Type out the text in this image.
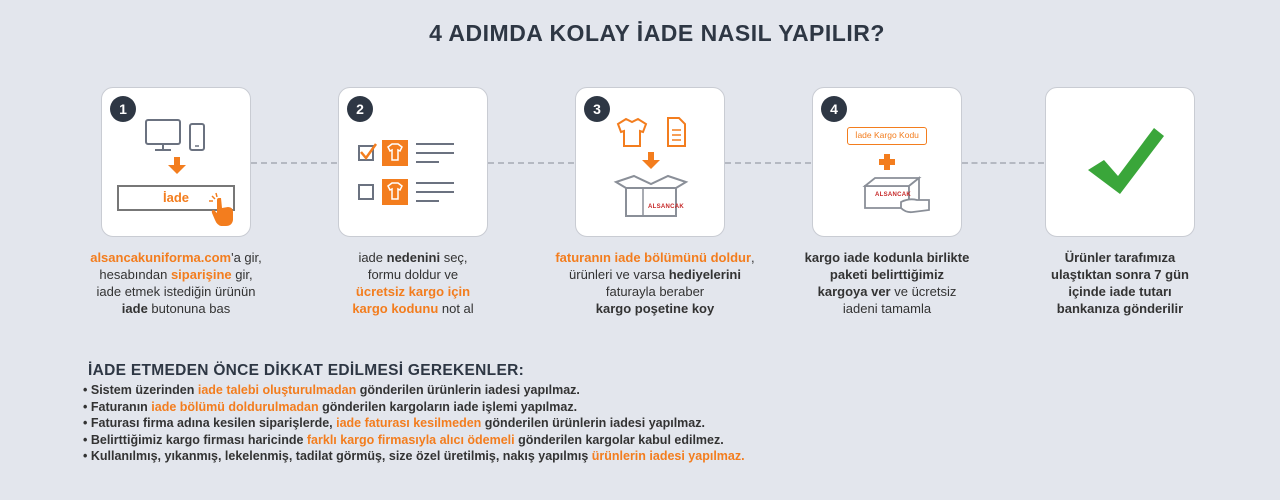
4 ADIMDA KOLAY İADE NASIL YAPILIR?
İade
1	2
ALSANCAK
3
İade Kargo Kodu
ALSANCAK
4
alsancakuniforma.com'a gir,
hesabından siparişine gir,
iade etmek istediğin ürünün
iade butonuna bas
iade nedenini seç,
formu doldur ve
ücretsiz kargo için
kargo kodunu not al
faturanın iade bölümünü doldur,
ürünleri ve varsa hediyelerini
faturayla beraber
kargo poşetine koy
kargo iade kodunla birlikte
paketi belirttiğimiz
kargoya ver ve ücretsiz
iadeni tamamla
Ürünler tarafımıza
ulaştıktan sonra 7 gün
içinde iade tutarı
bankanıza gönderilir
İADE ETMEDEN ÖNCE DİKKAT EDİLMESİ GEREKENLER:
• Sistem üzerinden iade talebi oluşturulmadan gönderilen ürünlerin iadesi yapılmaz.
• Faturanın iade bölümü doldurulmadan gönderilen kargoların iade işlemi yapılmaz.
• Faturası firma adına kesilen siparişlerde, iade faturası kesilmeden gönderilen ürünlerin iadesi yapılmaz.
• Belirttiğimiz kargo firması haricinde farklı kargo firmasıyla alıcı ödemeli gönderilen kargolar kabul edilmez.
• Kullanılmış, yıkanmış, lekelenmiş, tadilat görmüş, size özel üretilmiş, nakış yapılmış ürünlerin iadesi yapılmaz.
